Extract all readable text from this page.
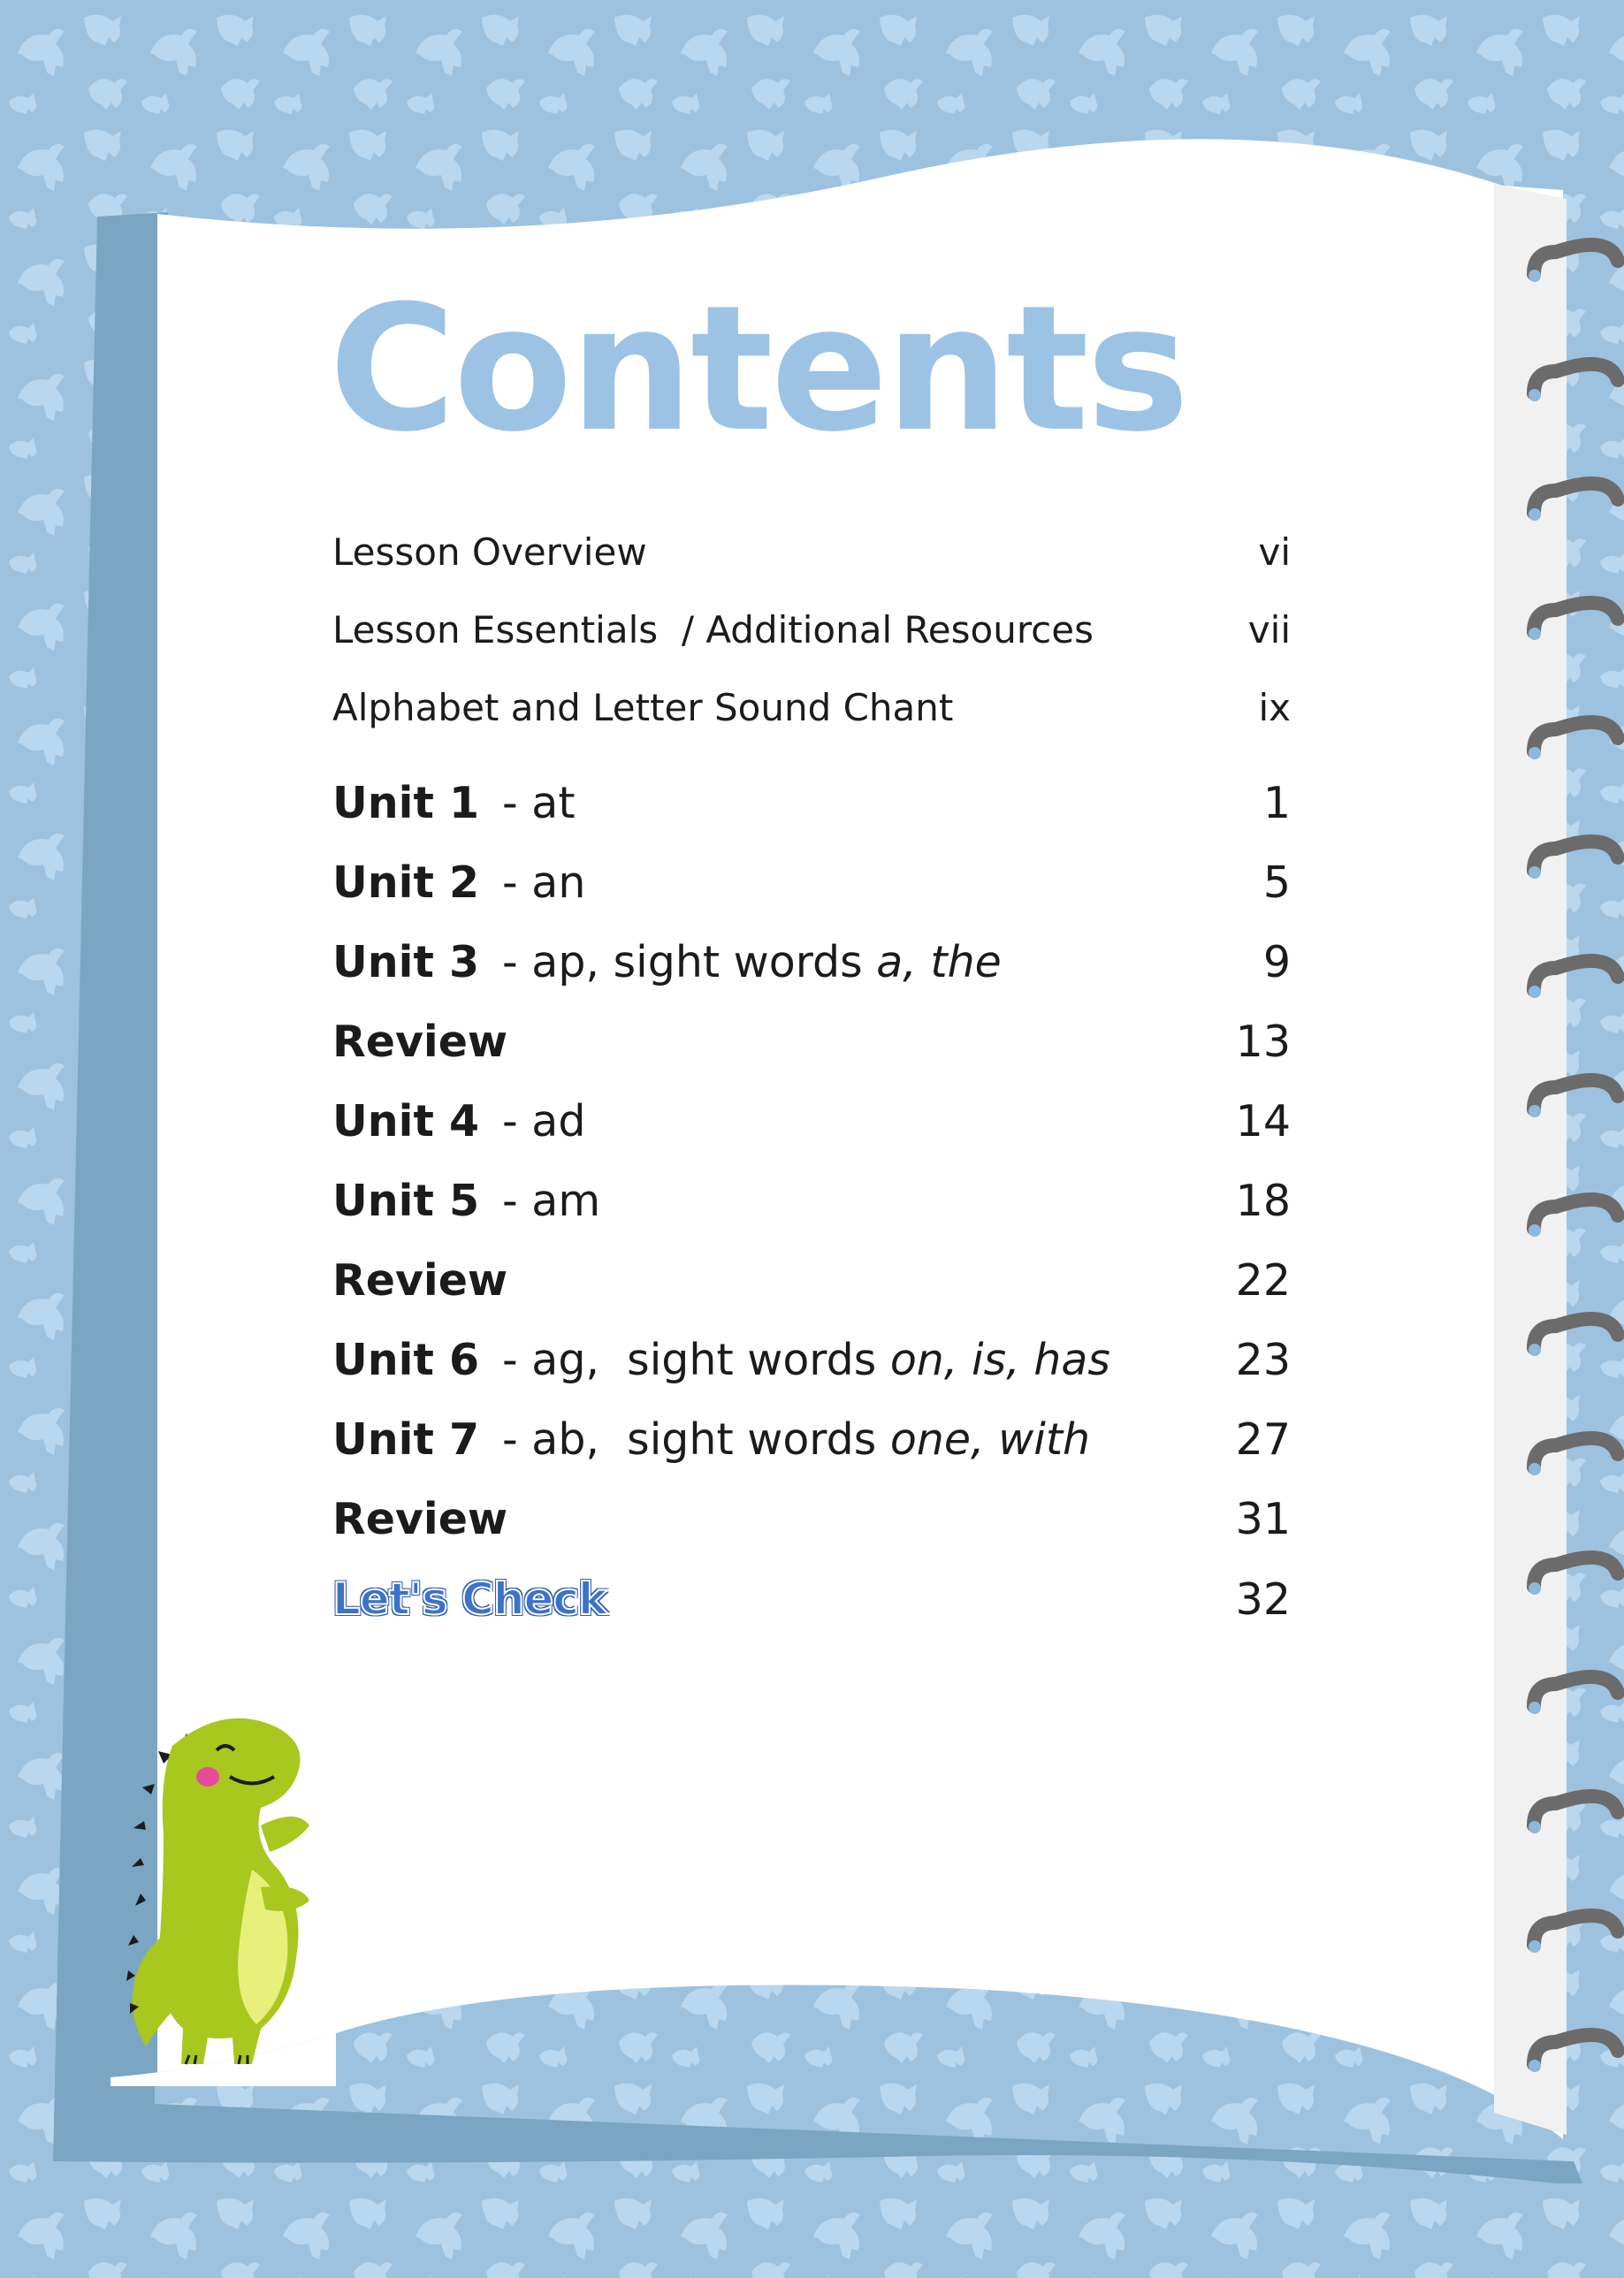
Contents
Lesson Overview	vi
Lesson Essentials  / Additional Resources	vii
Alphabet and Letter Sound Chant	ix
Unit 1 - at	1
Unit 2 - an	5
Unit 3 - ap, sight words a, the	9
Review	13
Unit 4 - ad	14
Unit 5 - am	18
Review	22
Unit 6 - ag,  sight words on, is, has	23
Unit 7 - ab,  sight words one, with	27
Review	31
Let's Check	32
